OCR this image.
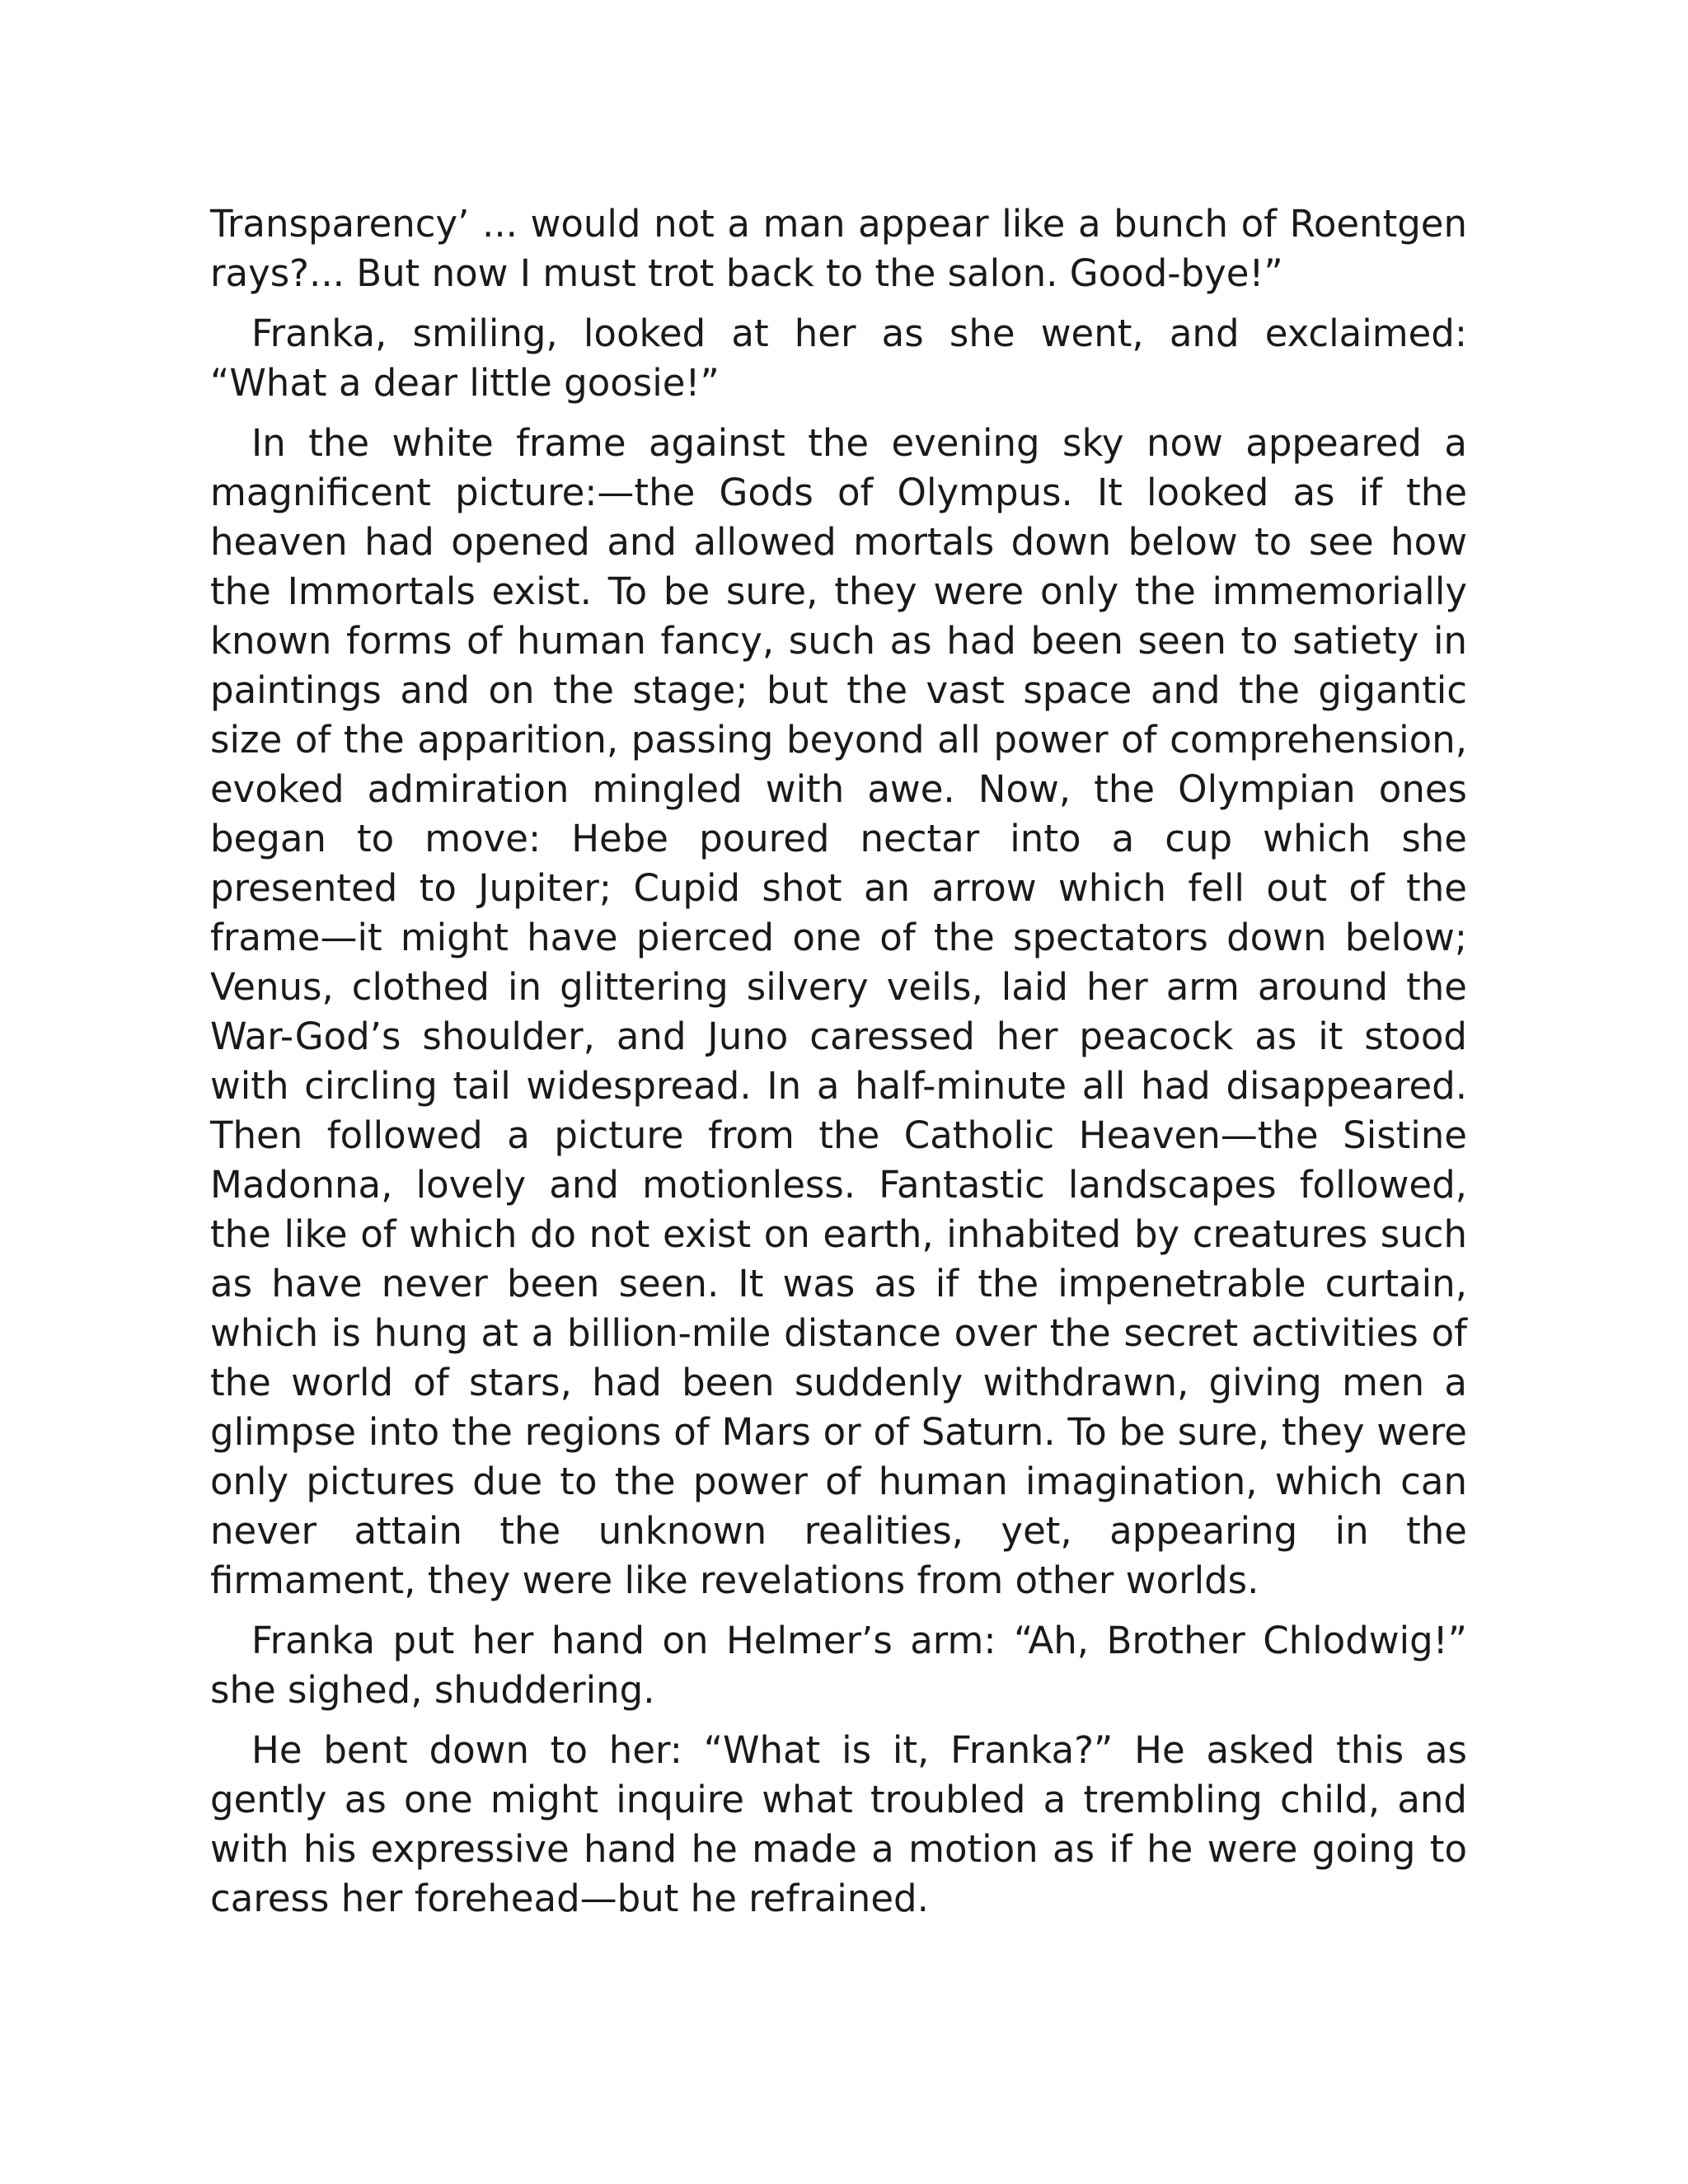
Transparency’ ... would not a man appear like a bunch of Roentgen rays?... But now I must trot back to the salon. Good-bye!”

Franka, smiling, looked at her as she went, and exclaimed: “What a dear little goosie!”

In the white frame against the evening sky now appeared a magnificent picture:—the Gods of Olympus. It looked as if the heaven had opened and allowed mortals down below to see how the Immortals exist. To be sure, they were only the immemorially known forms of human fancy, such as had been seen to satiety in paintings and on the stage; but the vast space and the gigantic size of the apparition, passing beyond all power of comprehension, evoked admiration mingled with awe. Now, the Olympian ones began to move: Hebe poured nectar into a cup which she presented to Jupiter; Cupid shot an arrow which fell out of the frame—it might have pierced one of the spectators down below; Venus, clothed in glittering silvery veils, laid her arm around the War-God’s shoulder, and Juno caressed her peacock as it stood with circling tail widespread. In a half-minute all had disappeared. Then followed a picture from the Catholic Heaven—the Sistine Madonna, lovely and motionless. Fantastic landscapes followed, the like of which do not exist on earth, inhabited by creatures such as have never been seen. It was as if the impenetrable curtain, which is hung at a billion-mile distance over the secret activities of the world of stars, had been suddenly withdrawn, giving men a glimpse into the regions of Mars or of Saturn. To be sure, they were only pictures due to the power of human imagination, which can never attain the unknown realities, yet, appearing in the firmament, they were like revelations from other worlds.

Franka put her hand on Helmer’s arm: “Ah, Brother Chlodwig!” she sighed, shuddering.

He bent down to her: “What is it, Franka?” He asked this as gently as one might inquire what troubled a trembling child, and with his expressive hand he made a motion as if he were going to caress her forehead—but he refrained.
